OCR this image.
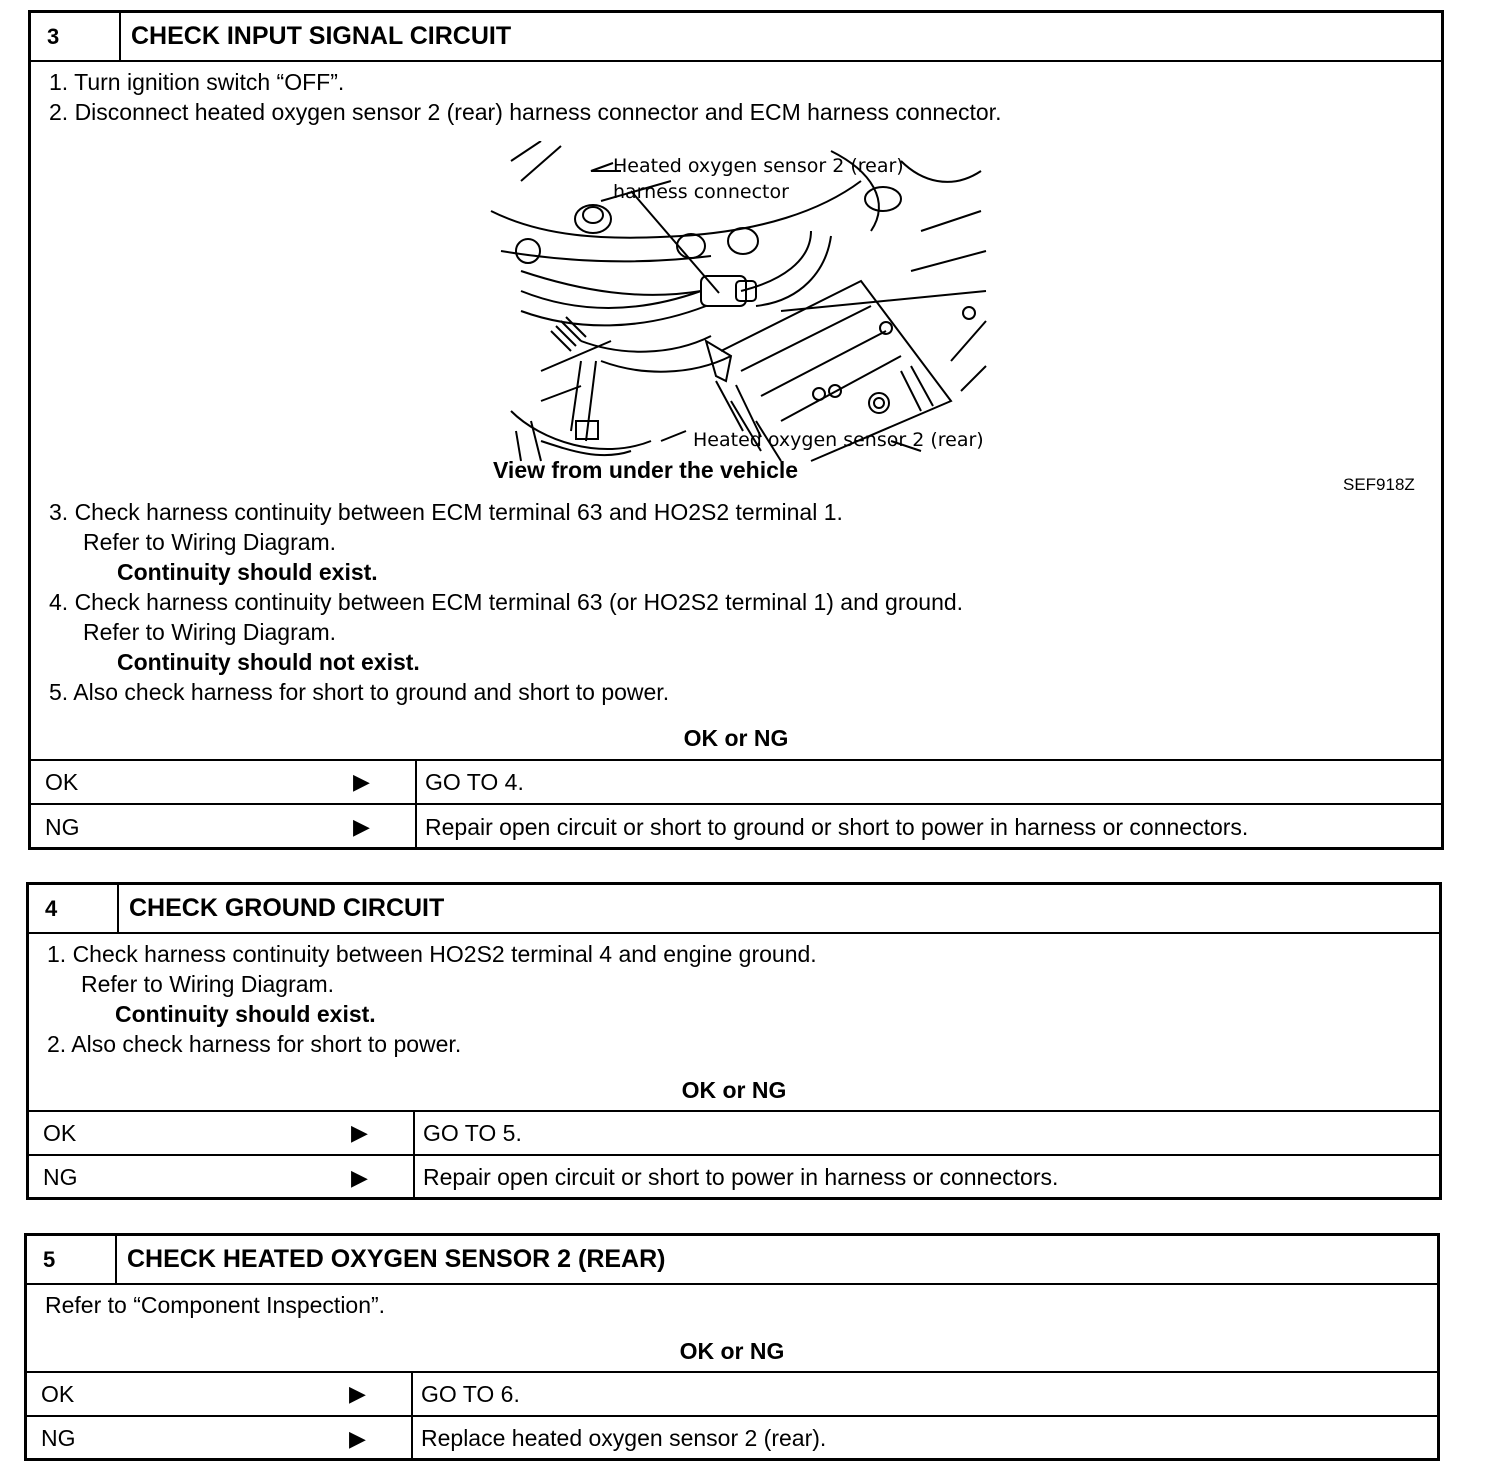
3	CHECK INPUT SIGNAL CIRCUIT
1. Turn ignition switch “OFF”.
2. Disconnect heated oxygen sensor 2 (rear) harness connector and ECM harness connector.
Heated oxygen sensor 2 (rear)
harness connector
Heated oxygen sensor 2 (rear)
View from under the vehicle
SEF918Z
3. Check harness continuity between ECM terminal 63 and HO2S2 terminal 1.
Refer to Wiring Diagram.
Continuity should exist.
4. Check harness continuity between ECM terminal 63 (or HO2S2 terminal 1) and ground.
Refer to Wiring Diagram.
Continuity should not exist.
5. Also check harness for short to ground and short to power.
OK or NG
OK	▶	GO TO 4.
NG	▶	Repair open circuit or short to ground or short to power in harness or connectors.
4	CHECK GROUND CIRCUIT
1. Check harness continuity between HO2S2 terminal 4 and engine ground.
Refer to Wiring Diagram.
Continuity should exist.
2. Also check harness for short to power.
OK or NG
OK	▶	GO TO 5.
NG	▶	Repair open circuit or short to power in harness or connectors.
5	CHECK HEATED OXYGEN SENSOR 2 (REAR)
Refer to “Component Inspection”.
OK or NG
OK	▶	GO TO 6.
NG	▶	Replace heated oxygen sensor 2 (rear).
